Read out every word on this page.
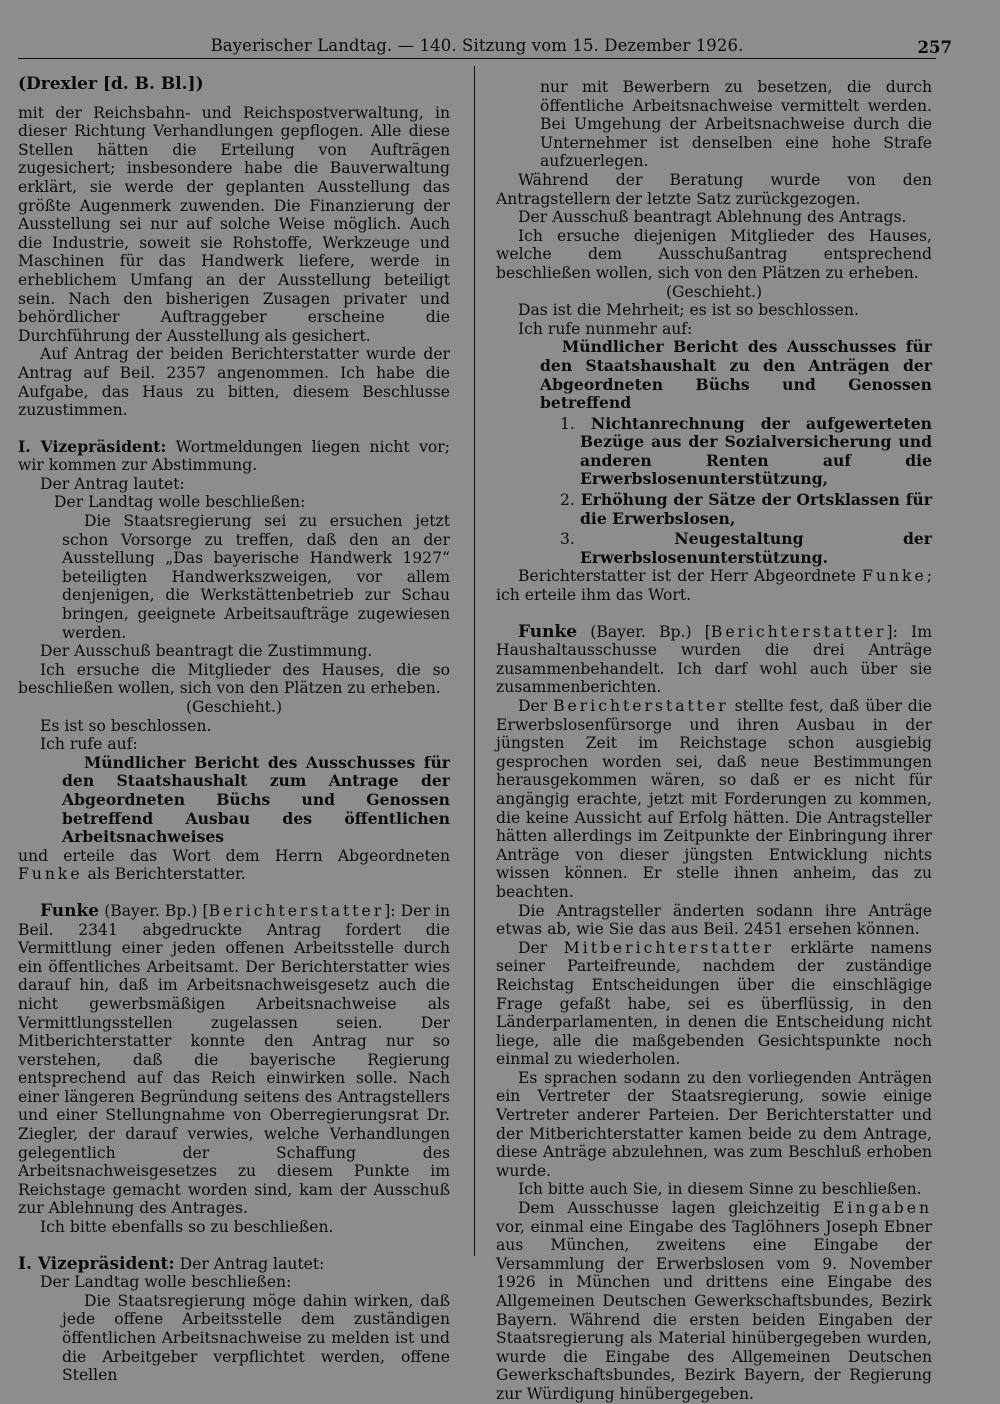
Bayerischer Landtag. — 140. Sitzung vom 15. Dezember 1926.	257

(Drexler [d. B. Bl.])

mit der Reichsbahn- und Reichspostverwaltung, in dieser Richtung Verhandlungen gepflogen. Alle diese Stellen hätten die Erteilung von Aufträgen zugesichert; insbesondere habe die Bauverwaltung erklärt, sie werde der geplanten Ausstellung das größte Augenmerk zuwenden. Die Finanzierung der Ausstellung sei nur auf solche Weise möglich. Auch die Industrie, soweit sie Rohstoffe, Werkzeuge und Maschinen für das Handwerk liefere, werde in erheblichem Umfang an der Ausstellung beteiligt sein. Nach den bisherigen Zusagen privater und behördlicher Auftraggeber erscheine die Durchführung der Ausstellung als gesichert.

Auf Antrag der beiden Berichterstatter wurde der Antrag auf Beil. 2357 angenommen. Ich habe die Aufgabe, das Haus zu bitten, diesem Beschlusse zuzustimmen.

I. Vizepräsident: Wortmeldungen liegen nicht vor; wir kommen zur Abstimmung.

Der Antrag lautet:

Der Landtag wolle beschließen:

Die Staatsregierung sei zu ersuchen jetzt schon Vorsorge zu treffen, daß den an der Ausstellung „Das bayerische Handwerk 1927“ beteiligten Handwerkszweigen, vor allem denjenigen, die Werkstättenbetrieb zur Schau bringen, geeignete Arbeitsaufträge zugewiesen werden.

Der Ausschuß beantragt die Zustimmung.

Ich ersuche die Mitglieder des Hauses, die so beschließen wollen, sich von den Plätzen zu erheben.

(Geschieht.)

Es ist so beschlossen.

Ich rufe auf:

Mündlicher Bericht des Ausschusses für den Staatshaushalt zum Antrage der Abgeordneten Büchs und Genossen betreffend Ausbau des öffentlichen Arbeitsnachweises

und erteile das Wort dem Herrn Abgeordneten Funke als Berichterstatter.

Funke (Bayer. Bp.) [Berichterstatter]: Der in Beil. 2341 abgedruckte Antrag fordert die Vermittlung einer jeden offenen Arbeitsstelle durch ein öffentliches Arbeitsamt. Der Berichterstatter wies darauf hin, daß im Arbeitsnachweisgesetz auch die nicht gewerbsmäßigen Arbeitsnachweise als Vermittlungsstellen zugelassen seien. Der Mitberichterstatter konnte den Antrag nur so verstehen, daß die bayerische Regierung entsprechend auf das Reich einwirken solle. Nach einer längeren Begründung seitens des Antragstellers und einer Stellungnahme von Oberregierungsrat Dr. Ziegler, der darauf verwies, welche Verhandlungen gelegentlich der Schaffung des Arbeitsnachweisgesetzes zu diesem Punkte im Reichstage gemacht worden sind, kam der Ausschuß zur Ablehnung des Antrages.

Ich bitte ebenfalls so zu beschließen.

I. Vizepräsident: Der Antrag lautet:

Der Landtag wolle beschließen:

Die Staatsregierung möge dahin wirken, daß jede offene Arbeitsstelle dem zuständigen öffentlichen Arbeitsnachweise zu melden ist und die Arbeitgeber verpflichtet werden, offene Stellen

nur mit Bewerbern zu besetzen, die durch öffentliche Arbeitsnachweise vermittelt werden. Bei Umgehung der Arbeitsnachweise durch die Unternehmer ist denselben eine hohe Strafe aufzuerlegen.

Während der Beratung wurde von den Antragstellern der letzte Satz zurückgezogen.

Der Ausschuß beantragt Ablehnung des Antrags.

Ich ersuche diejenigen Mitglieder des Hauses, welche dem Ausschußantrag entsprechend beschließen wollen, sich von den Plätzen zu erheben.

(Geschieht.)

Das ist die Mehrheit; es ist so beschlossen.

Ich rufe nunmehr auf:

Mündlicher Bericht des Ausschusses für den Staatshaushalt zu den Anträgen der Abgeordneten Büchs und Genossen betreffend

1. Nichtanrechnung der aufgewerteten Bezüge aus der Sozialversicherung und anderen Renten auf die Erwerbslosenunterstützung,

2. Erhöhung der Sätze der Ortsklassen für die Erwerbslosen,

3.	Neugestaltung der Erwerbslosenunterstützung.

Berichterstatter ist der Herr Abgeordnete Funke; ich erteile ihm das Wort.

Funke (Bayer. Bp.) [Berichterstatter]: Im Haushaltausschusse wurden die drei Anträge zusammenbehandelt. Ich darf wohl auch über sie zusammenberichten.

Der Berichterstatter stellte fest, daß über die Erwerbslosenfürsorge und ihren Ausbau in der jüngsten Zeit im Reichstage schon ausgiebig gesprochen worden sei, daß neue Bestimmungen herausgekommen wären, so daß er es nicht für angängig erachte, jetzt mit Forderungen zu kommen, die keine Aussicht auf Erfolg hätten. Die Antragsteller hätten allerdings im Zeitpunkte der Einbringung ihrer Anträge von dieser jüngsten Entwicklung nichts wissen können. Er stelle ihnen anheim, das zu beachten.

Die Antragsteller änderten sodann ihre Anträge etwas ab, wie Sie das aus Beil. 2451 ersehen können.

Der Mitberichterstatter erklärte namens seiner Parteifreunde, nachdem der zuständige Reichstag Entscheidungen über die einschlägige Frage gefaßt habe, sei es überflüssig, in den Länderparlamenten, in denen die Entscheidung nicht liege, alle die maßgebenden Gesichtspunkte noch einmal zu wiederholen.

Es sprachen sodann zu den vorliegenden Anträgen ein Vertreter der Staatsregierung, sowie einige Vertreter anderer Parteien. Der Berichterstatter und der Mitberichterstatter kamen beide zu dem Antrage, diese Anträge abzulehnen, was zum Beschluß erhoben wurde.

Ich bitte auch Sie, in diesem Sinne zu beschließen.

Dem Ausschusse lagen gleichzeitig Eingaben vor, einmal eine Eingabe des Taglöhners Joseph Ebner aus München, zweitens eine Eingabe der Versammlung der Erwerbslosen vom 9. November 1926 in München und drittens eine Eingabe des Allgemeinen Deutschen Gewerkschaftsbundes, Bezirk Bayern. Während die ersten beiden Eingaben der Staatsregierung als Material hinübergegeben wurden, wurde die Eingabe des Allgemeinen Deutschen Gewerkschaftsbundes, Bezirk Bayern, der Regierung zur Würdigung hinübergegeben.
